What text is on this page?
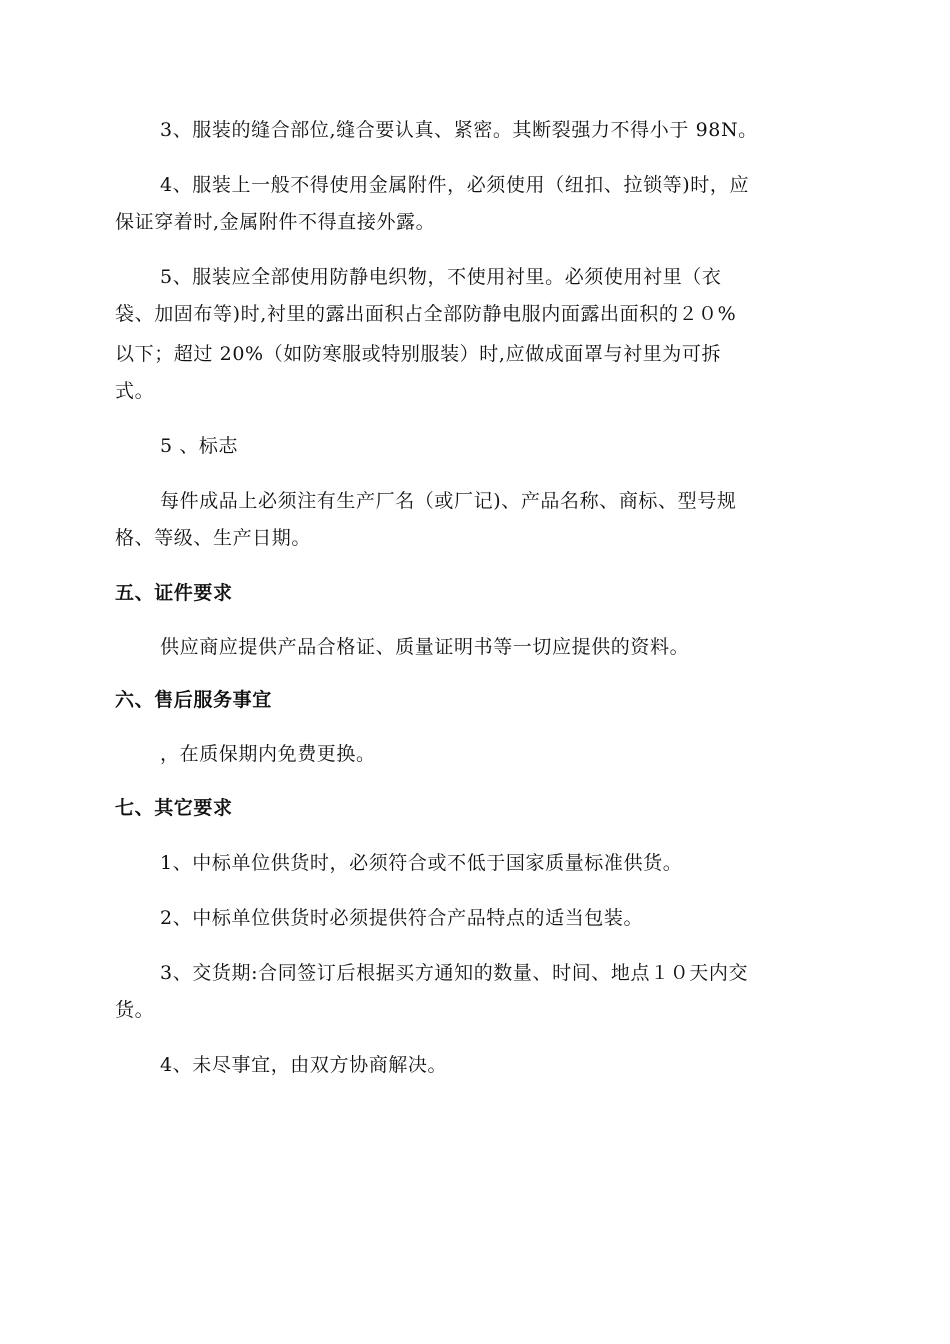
3、服装的缝合部位,缝合要认真、紧密。其断裂强力不得小于 98N。
4、服装上一般不得使用金属附件，必须使用（纽扣、拉锁等)时，应
保证穿着时,金属附件不得直接外露。
5、服装应全部使用防静电织物，不使用衬里。必须使用衬里（衣
袋、加固布等)时,衬里的露出面积占全部防静电服内面露出面积的２０%
以下；超过 20%（如防寒服或特别服装）时,应做成面罩与衬里为可拆
式。
5 、标志
每件成品上必须注有生产厂名（或厂记)、产品名称、商标、型号规
格、等级、生产日期。
五、证件要求
供应商应提供产品合格证、质量证明书等一切应提供的资料。
六、售后服务事宜
，在质保期内免费更换。
七、其它要求
1、中标单位供货时，必须符合或不低于国家质量标准供货。
2、中标单位供货时必须提供符合产品特点的适当包装。
3、交货期:合同签订后根据买方通知的数量、时间、地点１０天内交
货。
4、未尽事宜，由双方协商解决。
